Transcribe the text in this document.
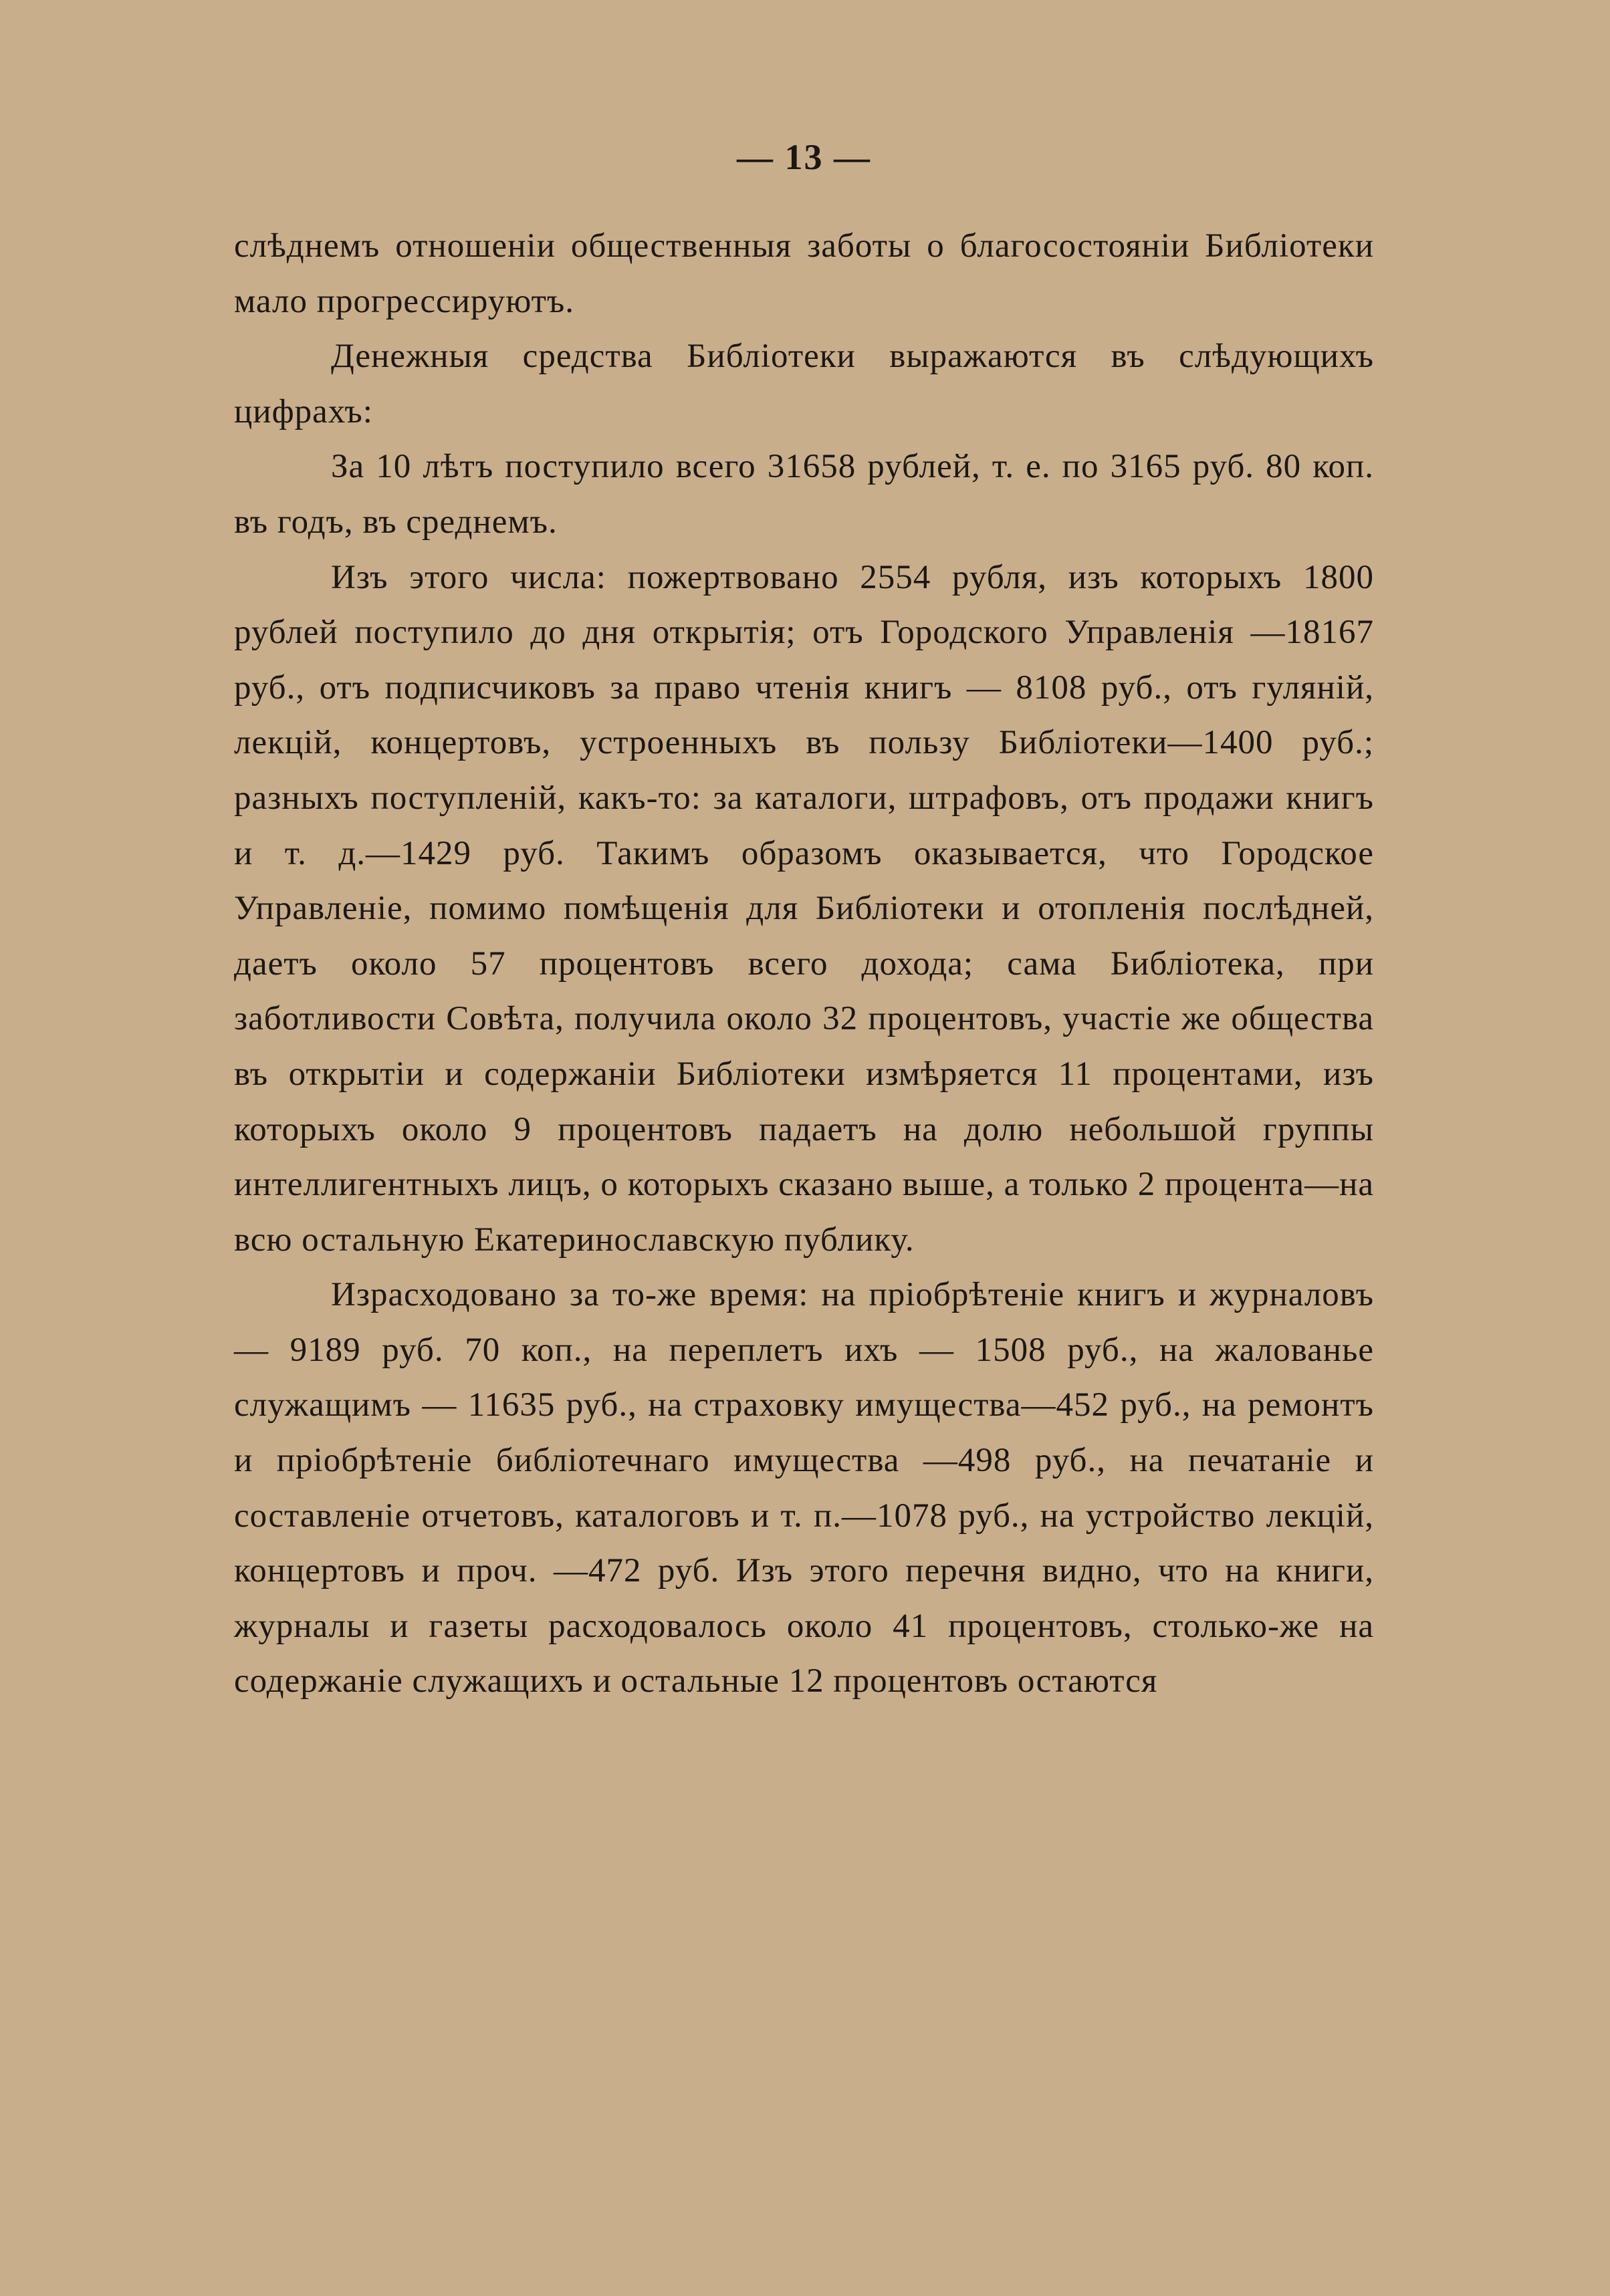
— 13 —

слѣднемъ отношеніи общественныя заботы о благосостояніи Библіотеки мало прогрессируютъ.

Денежныя средства Библіотеки выражаются въ слѣдующихъ цифрахъ:

За 10 лѣтъ поступило всего 31658 рублей, т. е. по 3165 руб. 80 коп. въ годъ, въ среднемъ.

Изъ этого числа: пожертвовано 2554 рубля, изъ которыхъ 1800 рублей поступило до дня открытія; отъ Городского Управленія —18167 руб., отъ подписчиковъ за право чтенія книгъ — 8108 руб., отъ гуляній, лекцій, концертовъ, устроенныхъ въ пользу Библіотеки—1400 руб.; разныхъ поступленій, какъ-то: за каталоги, штрафовъ, отъ продажи книгъ и т. д.—1429 руб. Такимъ образомъ оказывается, что Городское Управленіе, помимо помѣщенія для Библіотеки и отопленія послѣдней, даетъ около 57 процентовъ всего дохода; сама Библіотека, при заботливости Совѣта, получила около 32 процентовъ, участіе же общества въ открытіи и содержаніи Библіотеки измѣряется 11 процентами, изъ которыхъ около 9 процентовъ падаетъ на долю небольшой группы интеллигентныхъ лицъ, о которыхъ сказано выше, а только 2 процента—на всю остальную Екатеринославскую публику.

Израсходовано за то-же время: на пріобрѣтеніе книгъ и журналовъ — 9189 руб. 70 коп., на переплетъ ихъ — 1508 руб., на жалованье служащимъ — 11635 руб., на страховку имущества—452 руб., на ремонтъ и пріобрѣтеніе библіотечнаго имущества —498 руб., на печатаніе и составленіе отчетовъ, каталоговъ и т. п.—1078 руб., на устройство лекцій, концертовъ и проч. —472 руб. Изъ этого перечня видно, что на книги, журналы и газеты расходовалось около 41 процентовъ, столько-же на содержаніе служащихъ и остальные 12 процентовъ остаются
